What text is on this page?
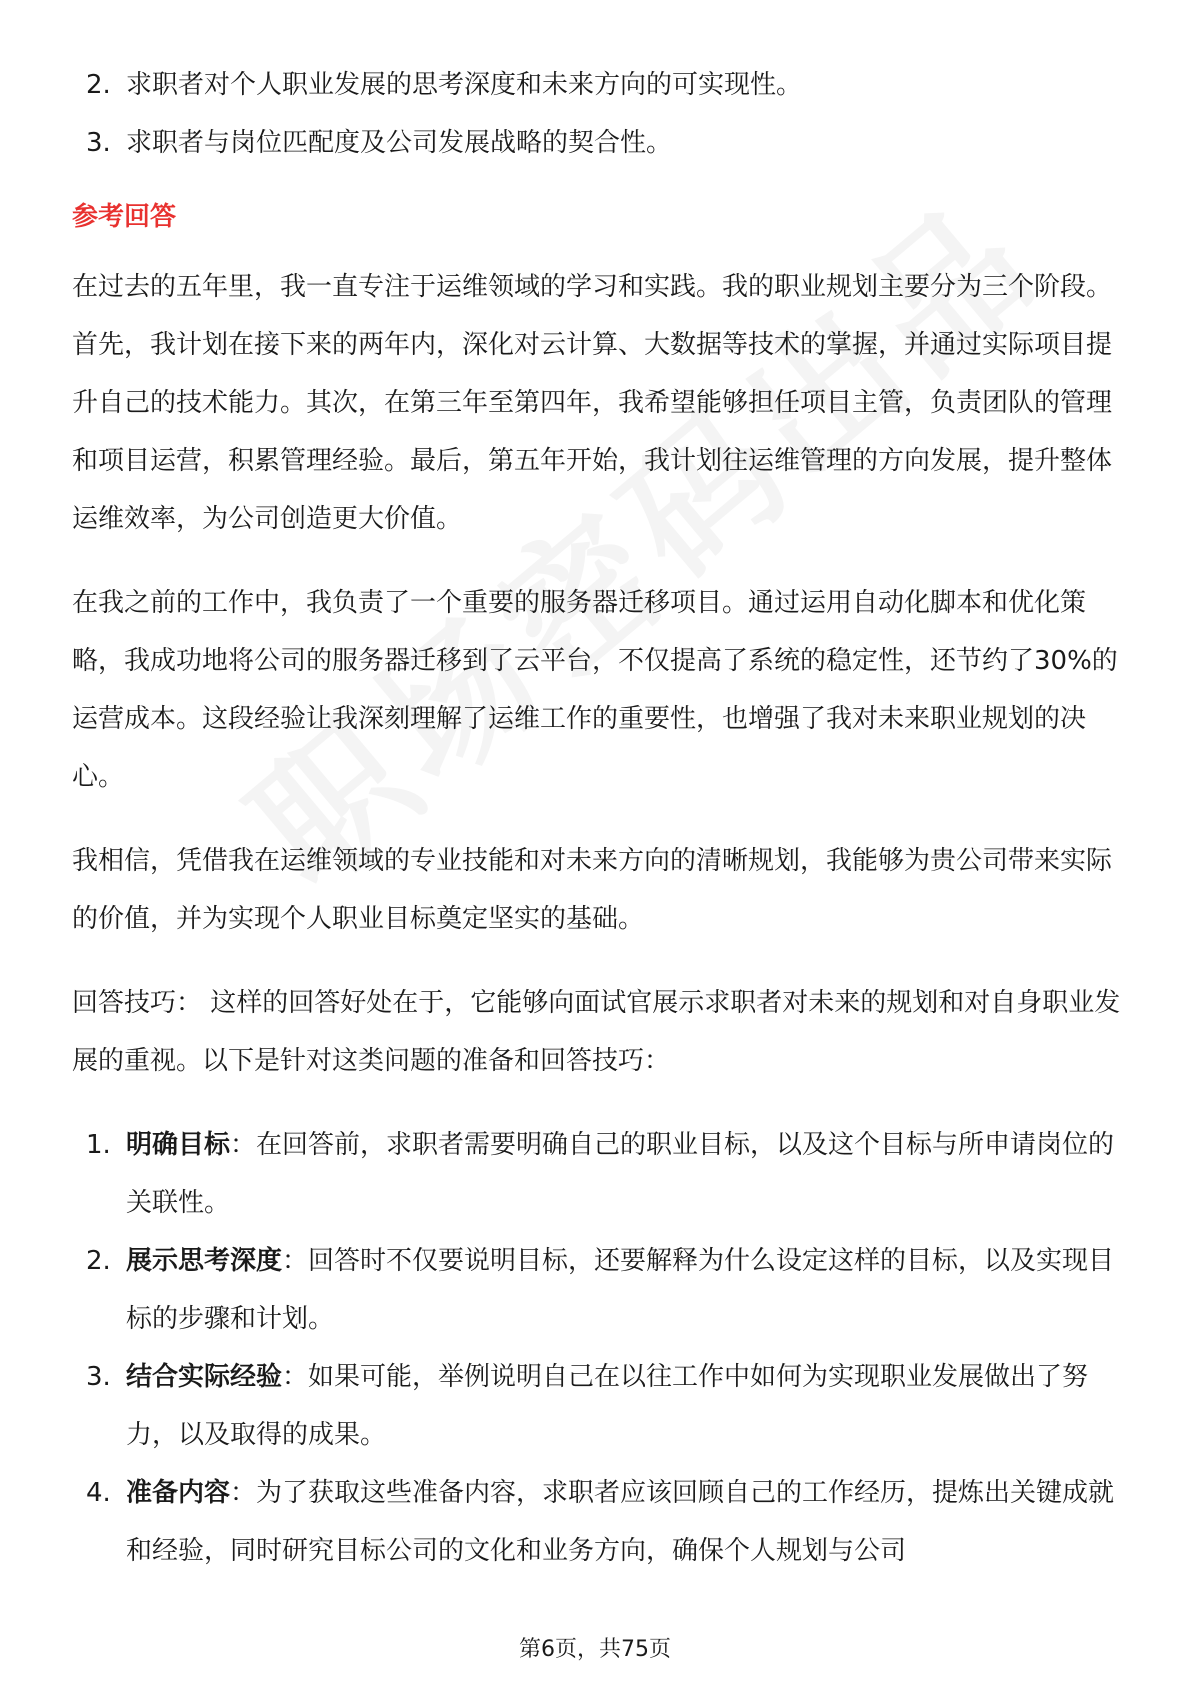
2. 求职者对个人职业发展的思考深度和未来方向的可实现性。
3. 求职者与岗位匹配度及公司发展战略的契合性。
参考回答

在过去的五年里，我一直专注于运维领域的学习和实践。我的职业规划主要分为三个阶段。首先，我计划在接下来的两年内，深化对云计算、大数据等技术的掌握，并通过实际项目提升自己的技术能力。其次，在第三年至第四年，我希望能够担任项目主管，负责团队的管理和项目运营，积累管理经验。最后，第五年开始，我计划往运维管理的方向发展，提升整体运维效率，为公司创造更大价值。

在我之前的工作中，我负责了一个重要的服务器迁移项目。通过运用自动化脚本和优化策略，我成功地将公司的服务器迁移到了云平台，不仅提高了系统的稳定性，还节约了30%的运营成本。这段经验让我深刻理解了运维工作的重要性，也增强了我对未来职业规划的决心。

我相信，凭借我在运维领域的专业技能和对未来方向的清晰规划，我能够为贵公司带来实际的价值，并为实现个人职业目标奠定坚实的基础。

回答技巧： 这样的回答好处在于，它能够向面试官展示求职者对未来的规划和对自身职业发展的重视。以下是针对这类问题的准备和回答技巧：

1. 明确目标：在回答前，求职者需要明确自己的职业目标，以及这个目标与所申请岗位的关联性。
2. 展示思考深度：回答时不仅要说明目标，还要解释为什么设定这样的目标，以及实现目标的步骤和计划。
3. 结合实际经验：如果可能，举例说明自己在以往工作中如何为实现职业发展做出了努力，以及取得的成果。
4. 准备内容：为了获取这些准备内容，求职者应该回顾自己的工作经历，提炼出关键成就和经验，同时研究目标公司的文化和业务方向，确保个人规划与公司
第6页，共75页
